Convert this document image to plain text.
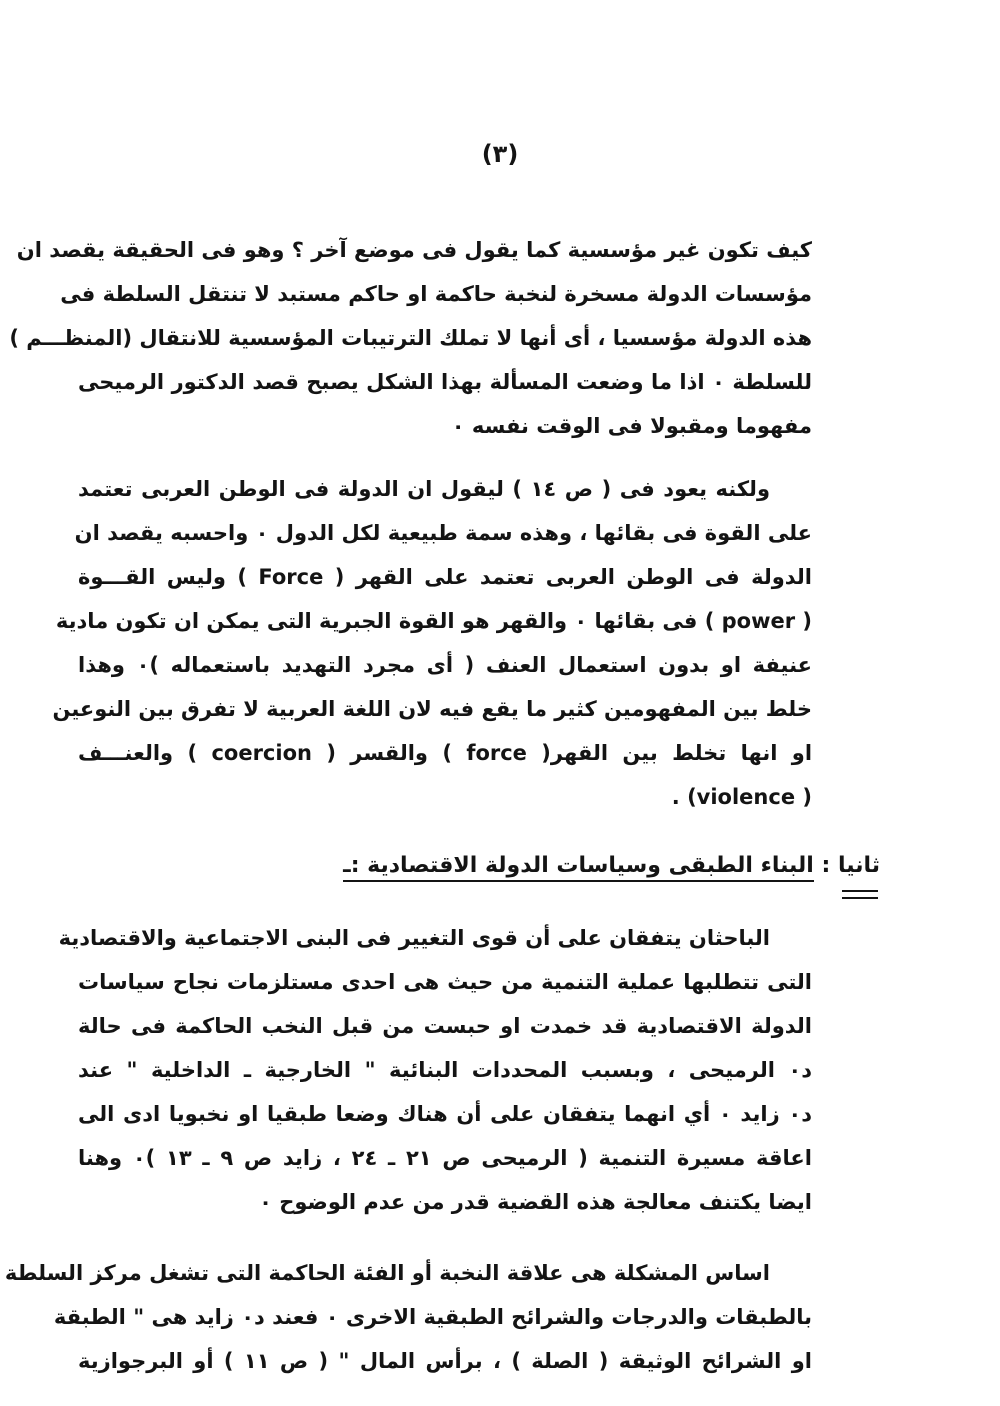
(٣)
كيف تكون غير مؤسسية كما يقول فى موضع آخر ؟ وهو فى الحقيقة يقصد ان
مؤسسات الدولة مسخرة لنخبة حاكمة او حاكم مستبد لا تنتقل السلطة فى
هذه الدولة مؤسسيا ، أى أنها لا تملك الترتيبات المؤسسية للانتقال (المنظـــم )
للسلطة ٠ اذا ما وضعت المسألة بهذا الشكل يصبح قصد الدكتور الرميحى
مفهوما ومقبولا فى الوقت نفسه ٠
ولكنه يعود فى ( ص ١٤ ) ليقول ان الدولة فى الوطن العربى تعتمد
على القوة فى بقائها ، وهذه سمة طبيعية لكل الدول ٠ واحسبه يقصد ان
الدولة فى الوطن العربى تعتمد على القهر ( Force ) وليس القـــوة
( power ) فى بقائها ٠ والقهر هو القوة الجبرية التى يمكن ان تكون مادية
عنيفة او بدون استعمال العنف ( أى مجرد التهديد باستعماله )٠ وهذا
خلط بين المفهومين كثير ما يقع فيه لان اللغة العربية لا تفرق بين النوعين
او انها تخلط بين القهر( force ) والقسر ( coercion ) والعنـــف
( violence) .
ثانيا : البناء الطبقى وسياسات الدولة الاقتصادية :ـ
الباحثان يتفقان على أن قوى التغيير فى البنى الاجتماعية والاقتصادية
التى تتطلبها عملية التنمية من حيث هى احدى مستلزمات نجاح سياسات
الدولة الاقتصادية قد خمدت او حبست من قبل النخب الحاكمة فى حالة
د٠ الرميحى ، وبسبب المحددات البنائية " الخارجية ـ الداخلية " عند
د٠ زايد ٠ أي انهما يتفقان على أن هناك وضعا طبقيا او نخبويا ادى الى
اعاقة مسيرة التنمية ( الرميحى ص ٢١ ـ ٢٤ ، زايد ص ٩ ـ ١٣ )٠ وهنا
ايضا يكتنف معالجة هذه القضية قدر من عدم الوضوح ٠
اساس المشكلة هى علاقة النخبة أو الفئة الحاكمة التى تشغل مركز السلطة
بالطبقات والدرجات والشرائح الطبقية الاخرى ٠ فعند د٠ زايد هى " الطبقة
او الشرائح الوثيقة ( الصلة ) ، برأس المال " ( ص ١١ ) أو البرجوازية
